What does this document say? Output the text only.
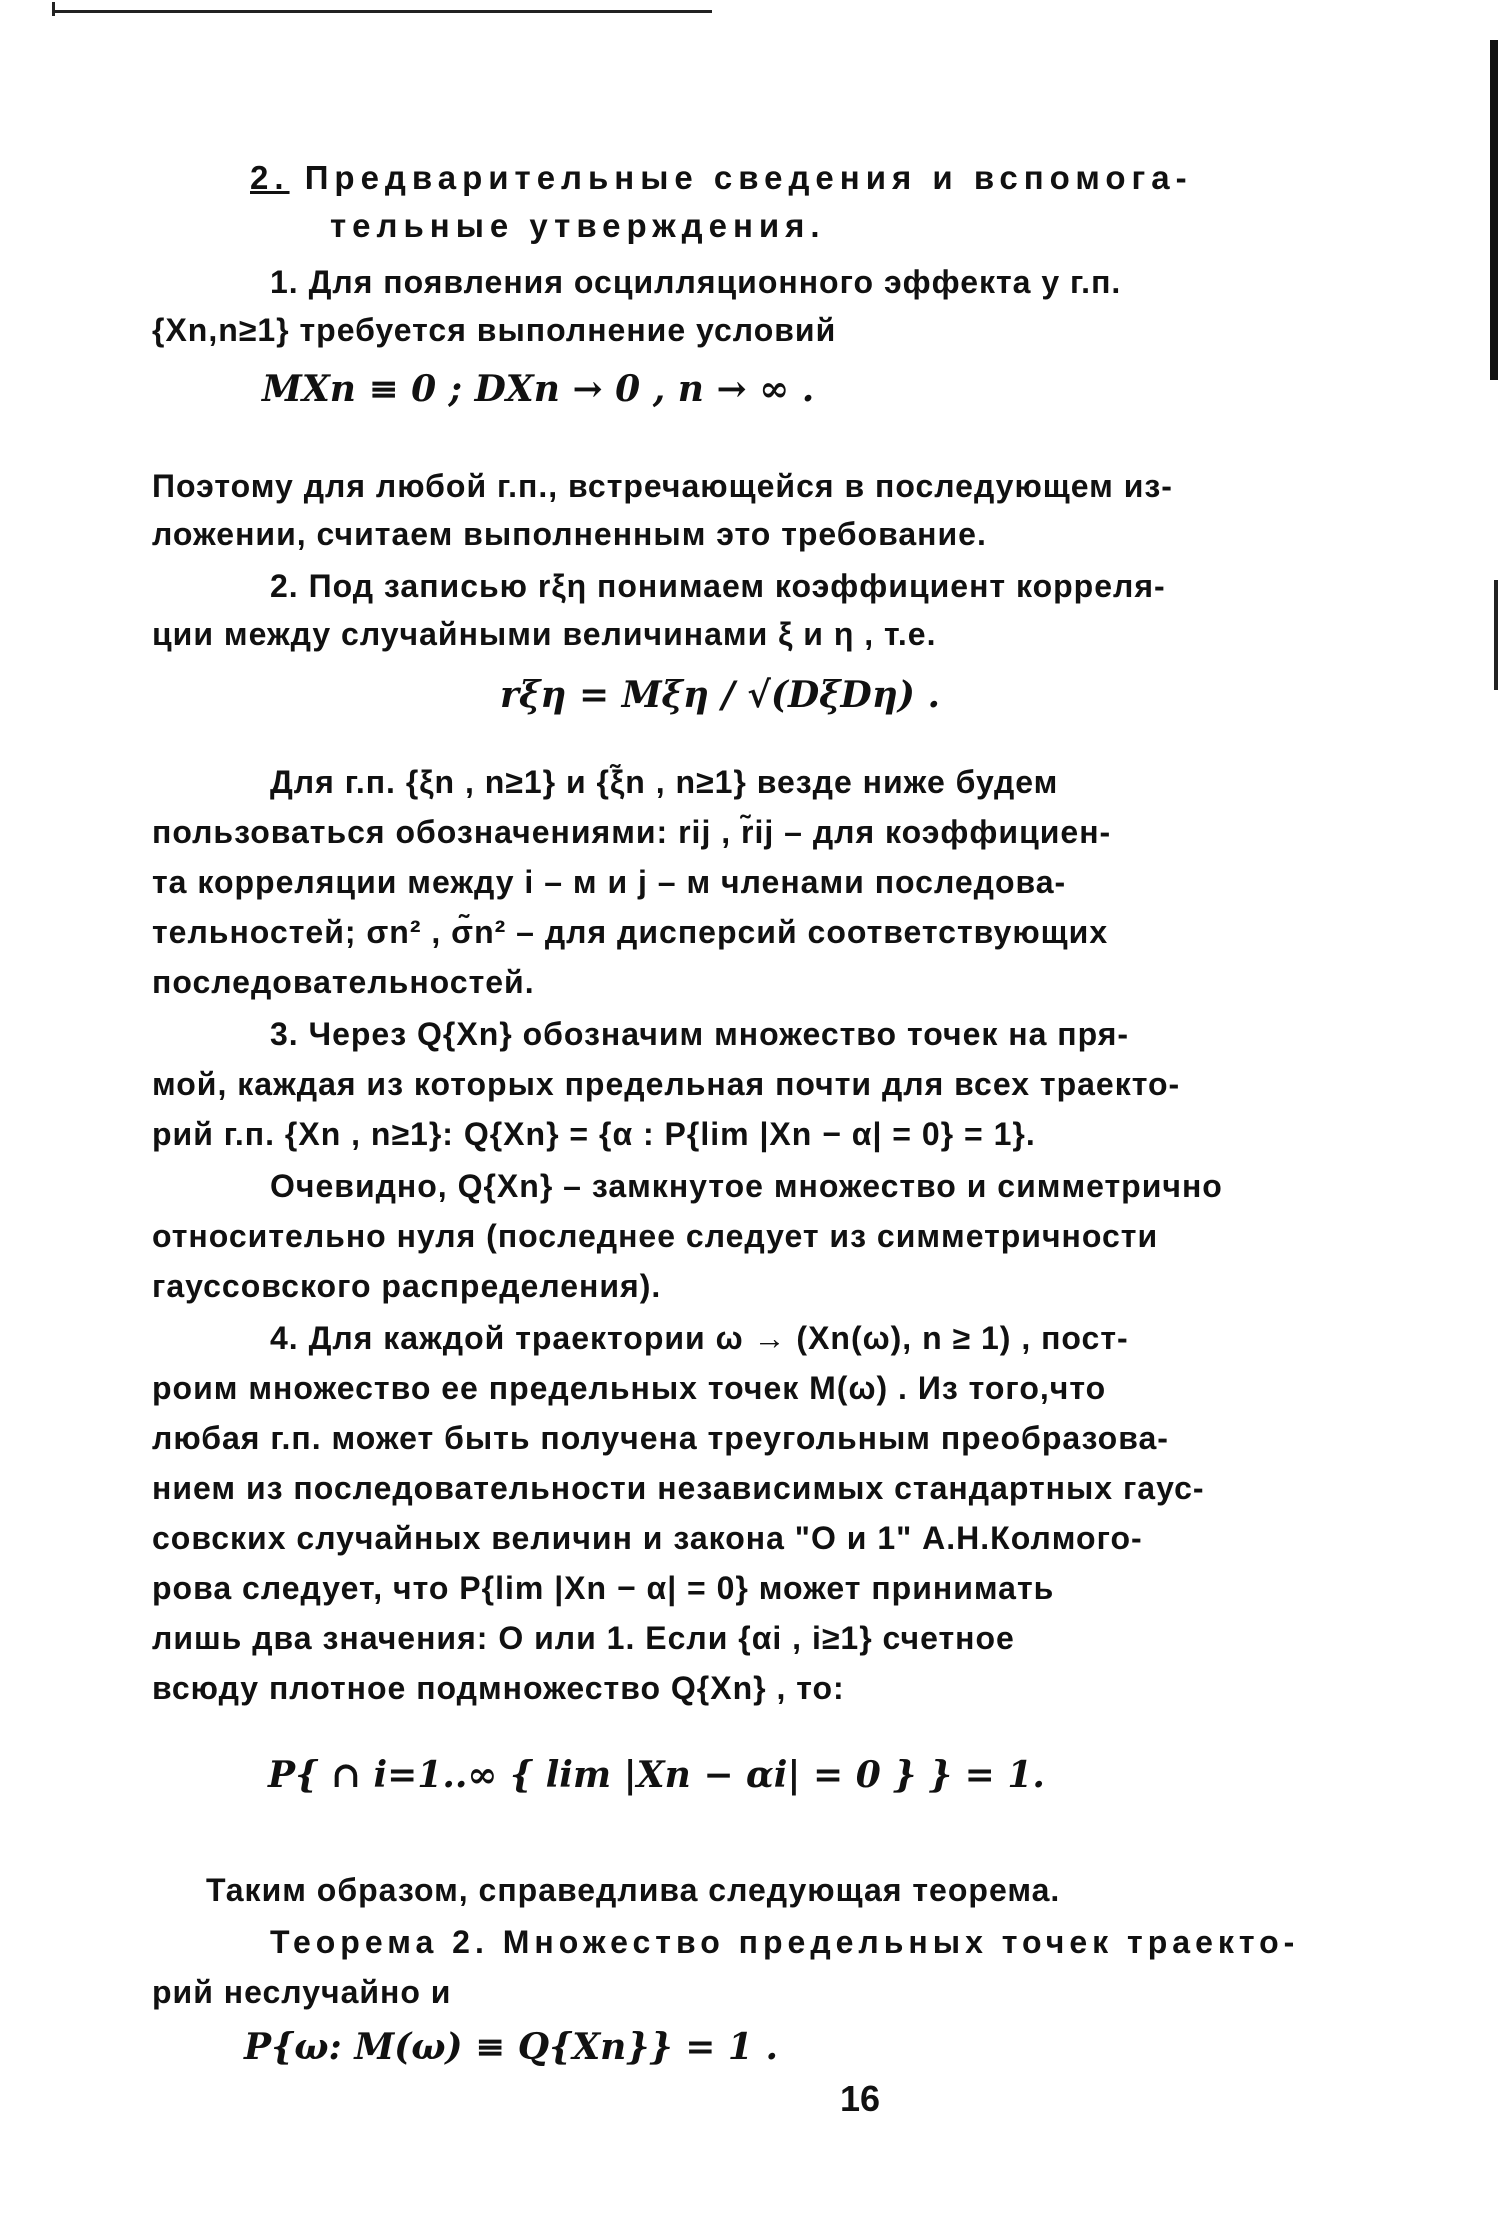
2. Предварительные сведения и вспомога-
тельные утверждения.
1. Для появления осцилляционного эффекта у г.п.
{Xn,n≥1} требуется выполнение условий
MXn ≡ 0 ; DXn → 0 , n → ∞ .
Поэтому для любой г.п., встречающейся в последующем из-
ложении, считаем выполненным это требование.
2. Под записью rξη понимаем коэффициент корреля-
ции между случайными величинами ξ и η , т.е.
rξη = Mξη / √(DξDη) .
Для г.п. {ξn , n≥1} и {ξ̃n , n≥1} везде ниже будем
пользоваться обозначениями: rij , r̃ij – для коэффициен-
та корреляции между i – м и j – м членами последова-
тельностей; σn² , σ̃n² – для дисперсий соответствующих
последовательностей.
3. Через Q{Xn} обозначим множество точек на пря-
мой, каждая из которых предельная почти для всех траекто-
рий г.п. {Xn , n≥1}: Q{Xn} = {α : P{lim |Xn − α| = 0} = 1}.
Очевидно, Q{Xn} – замкнутое множество и симметрично
относительно нуля (последнее следует из симметричности
гауссовского распределения).
4. Для каждой траектории ω → (Xn(ω), n ≥ 1) , пост-
роим множество ее предельных точек M(ω) . Из того,что
любая г.п. может быть получена треугольным преобразова-
нием из последовательности независимых стандартных гаус-
совских случайных величин и закона "О и 1" А.Н.Колмого-
рова следует, что P{lim |Xn − α| = 0} может принимать
лишь два значения: О или 1. Если {αi , i≥1} счетное
всюду плотное подмножество Q{Xn} , то:
P{ ∩ i=1..∞ { lim |Xn − αi| = 0 } } = 1.
Таким образом, справедлива следующая теорема.
Теорема 2. Множество предельных точек траекто-
рий неслучайно и
P{ω: M(ω) ≡ Q{Xn}} = 1 .
16
